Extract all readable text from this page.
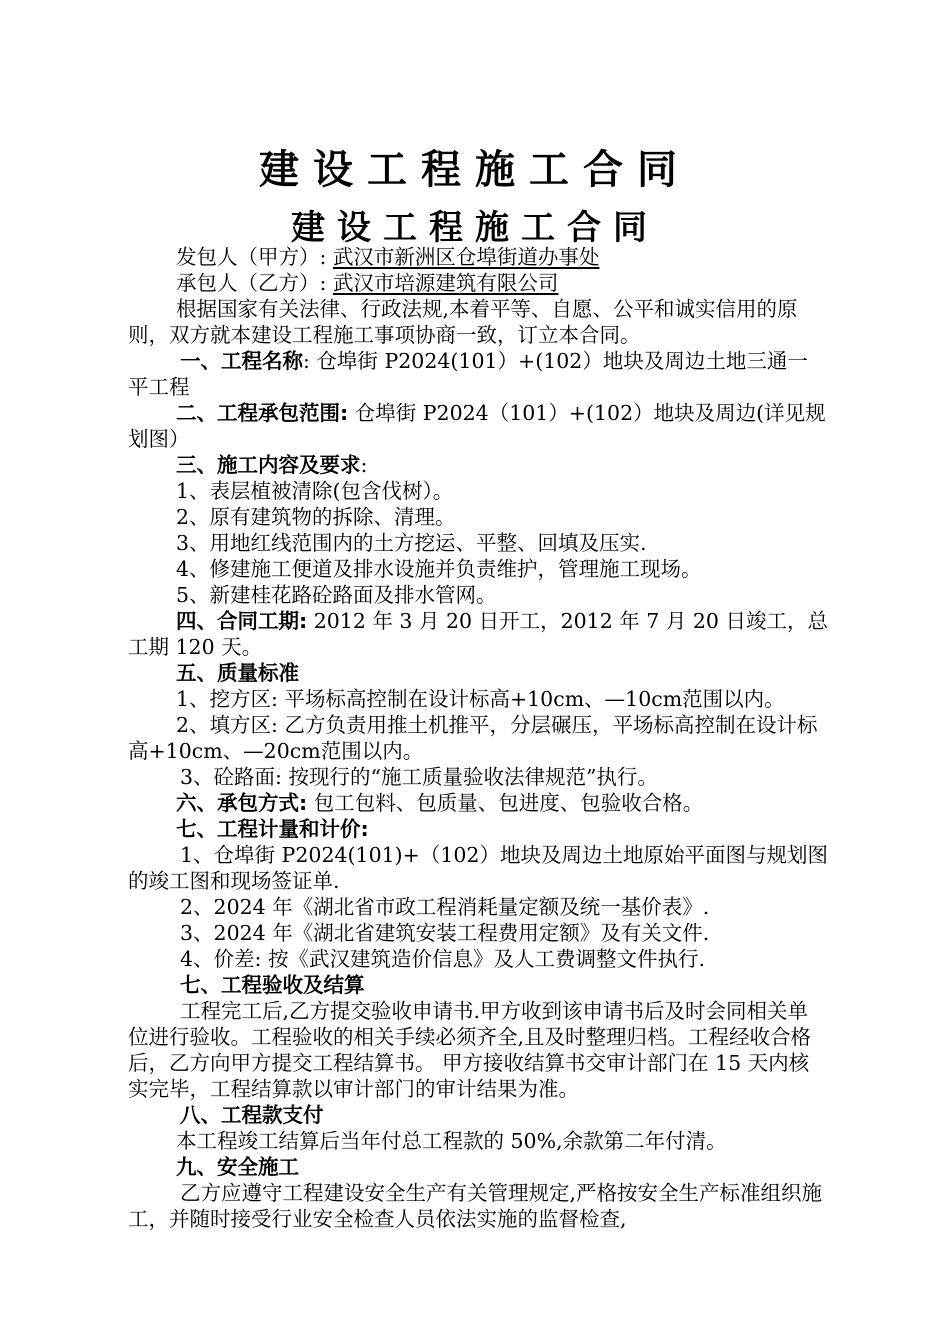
建设工程施工合同
建设工程施工合同

发包人（甲方）: 武汉市新洲区仓埠街道办事处

承包人（乙方）: 武汉市培源建筑有限公司

根据国家有关法律、行政法规,本着平等、自愿、公平和诚实信用的原则，双方就本建设工程施工事项协商一致，订立本合同。

一、工程名称: 仓埠街 P2024(101）+(102）地块及周边土地三通一平工程

二、工程承包范围: 仓埠街 P2024（101）+(102）地块及周边(详见规划图）

三、施工内容及要求:

1、表层植被清除(包含伐树）。

2、原有建筑物的拆除、清理。

3、用地红线范围内的土方挖运、平整、回填及压实.

4、修建施工便道及排水设施并负责维护，管理施工现场。

5、新建桂花路砼路面及排水管网。

四、合同工期: 2012 年 3 月 20 日开工，2012 年 7 月 20 日竣工，总工期 120 天。

五、质量标准

1、挖方区: 平场标高控制在设计标高+10cm、—10cm范围以内。

2、填方区: 乙方负责用推土机推平，分层碾压，平场标高控制在设计标高+10cm、—20cm范围以内。

3、砼路面: 按现行的“施工质量验收法律规范”执行。

六、承包方式: 包工包料、包质量、包进度、包验收合格。

七、工程计量和计价:

1、仓埠街 P2024(101)+（102）地块及周边土地原始平面图与规划图的竣工图和现场签证单.

2、2024 年《湖北省市政工程消耗量定额及统一基价表》.

3、2024 年《湖北省建筑安装工程费用定额》及有关文件.

4、价差: 按《武汉建筑造价信息》及人工费调整文件执行.

七、工程验收及结算

工程完工后,乙方提交验收申请书.甲方收到该申请书后及时会同相关单位进行验收。工程验收的相关手续必须齐全,且及时整理归档。工程经收合格后，乙方向甲方提交工程结算书。 甲方接收结算书交审计部门在 15 天内核实完毕，工程结算款以审计部门的审计结果为准。

八、工程款支付

本工程竣工结算后当年付总工程款的 50%,余款第二年付清。

九、安全施工

乙方应遵守工程建设安全生产有关管理规定,严格按安全生产标准组织施工，并随时接受行业安全检查人员依法实施的监督检查,
